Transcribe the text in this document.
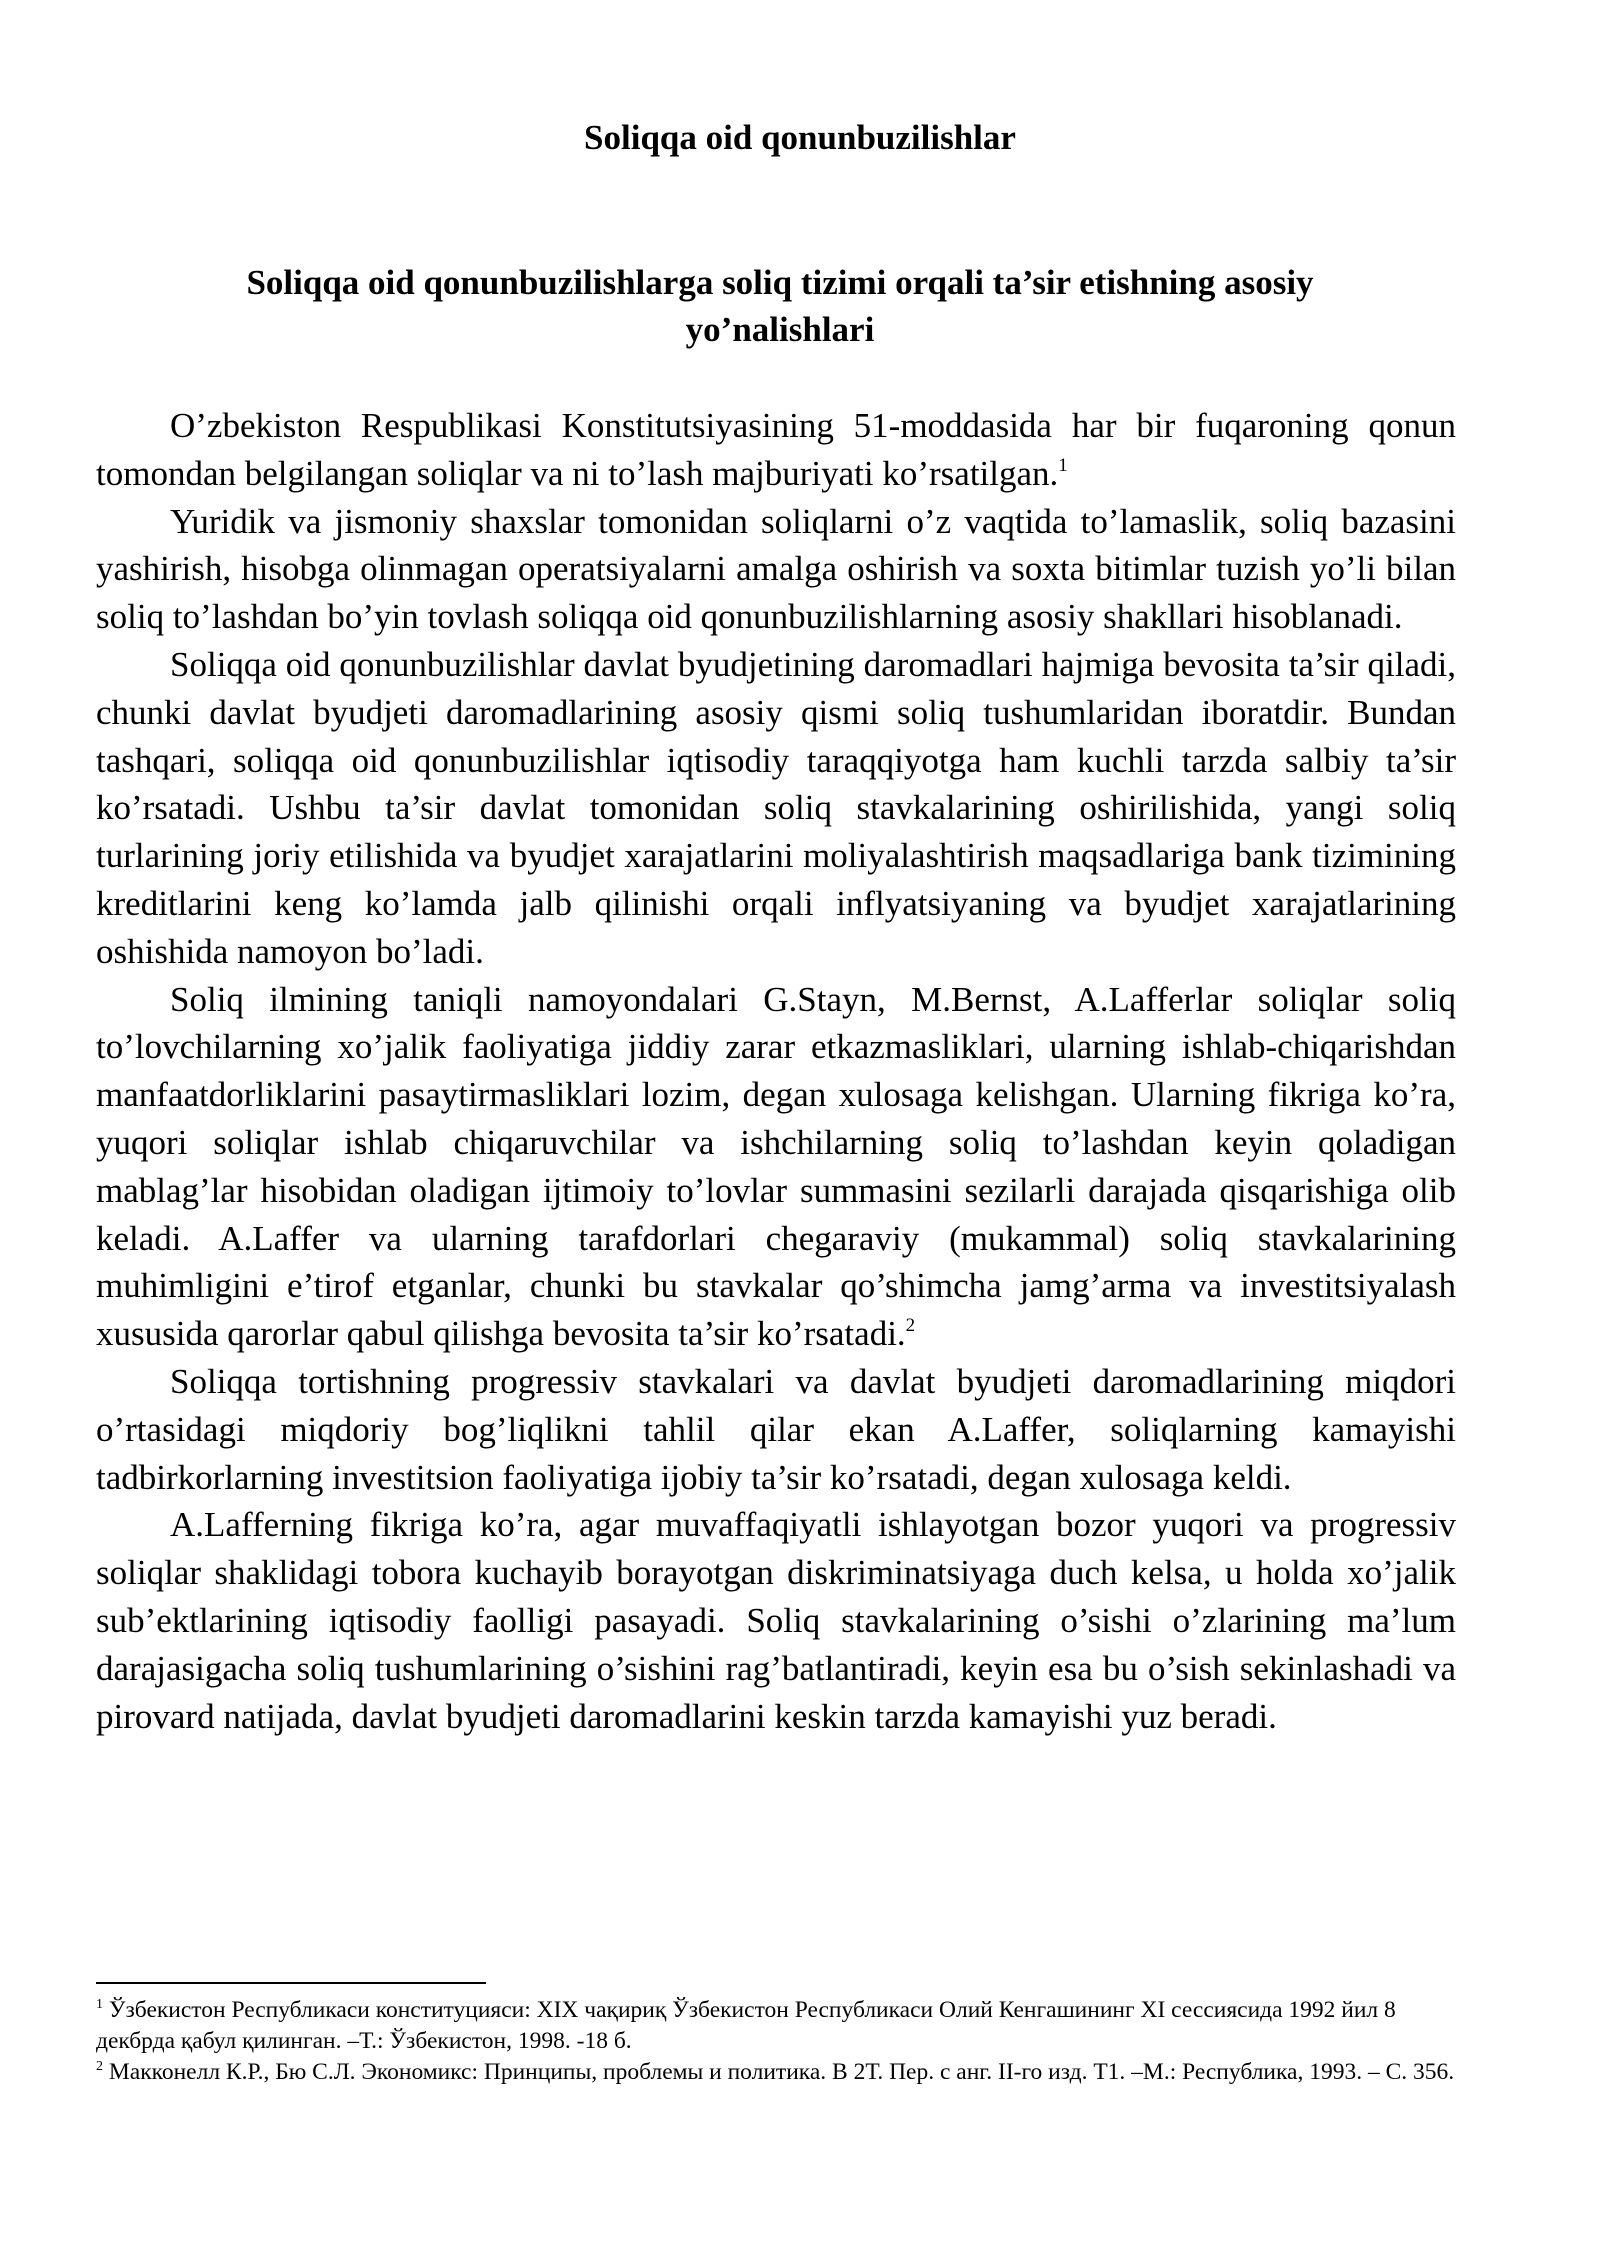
Soliqqa oid qonunbuzilishlar
Soliqqa oid qonunbuzilishlarga soliq tizimi orqali ta’sir etishning asosiy yo’nalishlari

O’zbekiston Respublikasi Konstitutsiyasining 51-moddasida har bir fuqaroning qonun tomondan belgilangan soliqlar va ni to’lash majburiyati ko’rsatilgan.$^1$

Yuridik va jismoniy shaxslar tomonidan soliqlarni o’z vaqtida to’lamaslik, soliq bazasini yashirish, hisobga olinmagan operatsiyalarni amalga oshirish va soxta bitimlar tuzish yo’li bilan soliq to’lashdan bo’yin tovlash soliqqa oid qonunbuzilishlarning asosiy shakllari hisoblanadi.

Soliqqa oid qonunbuzilishlar davlat byudjetining daromadlari hajmiga bevosita ta’sir qiladi, chunki davlat byudjeti daromadlarining asosiy qismi soliq tushumlaridan iboratdir. Bundan tashqari, soliqqa oid qonunbuzilishlar iqtisodiy taraqqiyotga ham kuchli tarzda salbiy ta’sir ko’rsatadi. Ushbu ta’sir davlat tomonidan soliq stavkalarining oshirilishida, yangi soliq turlarining joriy etilishida va byudjet xarajatlarini moliyalashtirish maqsadlariga bank tizimining kreditlarini keng ko’lamda jalb qilinishi orqali inflyatsiyaning va byudjet xarajatlarining oshishida namoyon bo’ladi.

Soliq ilmining taniqli namoyondalari G.Stayn, M.Bernst, A.Lafferlar soliqlar soliq to’lovchilarning xo’jalik faoliyatiga jiddiy zarar etkazmasliklari, ularning ishlab-chiqarishdan manfaatdorliklarini pasaytirmasliklari lozim, degan xulosaga kelishgan. Ularning fikriga ko’ra, yuqori soliqlar ishlab chiqaruvchilar va ishchilarning soliq to’lashdan keyin qoladigan mablag’lar hisobidan oladigan ijtimoiy to’lovlar summasini sezilarli darajada qisqarishiga olib keladi. A.Laffer va ularning tarafdorlari chegaraviy (mukammal) soliq stavkalarining muhimligini e’tirof etganlar, chunki bu stavkalar qo’shimcha jamg’arma va investitsiyalash xususida qarorlar qabul qilishga bevosita ta’sir ko’rsatadi.$^2$

Soliqqa tortishning progressiv stavkalari va davlat byudjeti daromadlarining miqdori o’rtasidagi miqdoriy bog’liqlikni tahlil qilar ekan A.Laffer, soliqlarning kamayishi tadbirkorlarning investitsion faoliyatiga ijobiy ta’sir ko’rsatadi, degan xulosaga keldi.

A.Lafferning fikriga ko’ra, agar muvaffaqiyatli ishlayotgan bozor yuqori va progressiv soliqlar shaklidagi tobora kuchayib borayotgan diskriminatsiyaga duch kelsa, u holda xo’jalik sub’ektlarining iqtisodiy faolligi pasayadi. Soliq stavkalarining o’sishi o’zlarining ma’lum darajasigacha soliq tushumlarining o’sishini rag’batlantiradi, keyin esa bu o’sish sekinlashadi va pirovard natijada, davlat byudjeti daromadlarini keskin tarzda kamayishi yuz beradi.

$^1$ Ўзбекистон Республикаси конституцияси: XIX чақириқ Ўзбекистон Республикаси Олий Кенгашининг XI сессиясида 1992 йил 8 декбрда қабул қилинган. –Т.: Ўзбекистон, 1998. -18 б.

$^2$ Макконелл К.Р., Бю С.Л. Экономикс: Принципы, проблемы и политика. В 2Т. Пер. с анг. II-го изд. Т1. –М.: Республика, 1993. – С. 356.
